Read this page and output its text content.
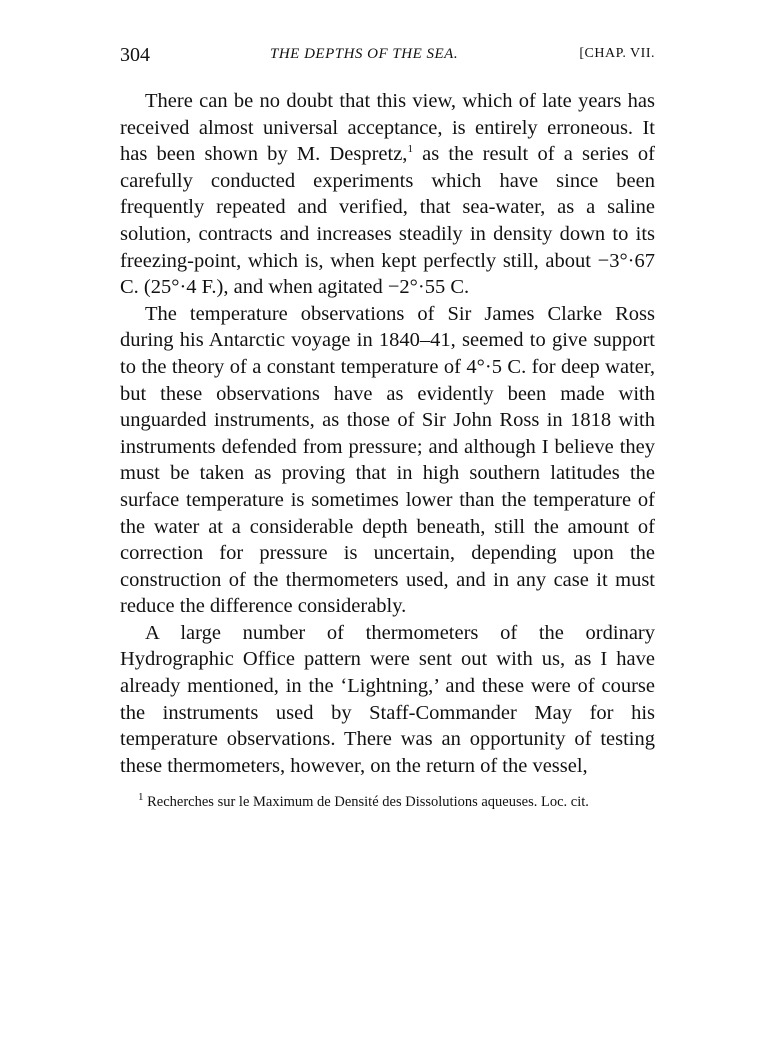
304	THE DEPTHS OF THE SEA.	[CHAP. VII.

There can be no doubt that this view, which of late years has received almost universal acceptance, is entirely erroneous. It has been shown by M. Despretz,$^1$ as the result of a series of carefully conducted experiments which have since been frequently repeated and verified, that sea-water, as a saline solution, contracts and increases steadily in density down to its freezing-point, which is, when kept perfectly still, about −3°·67 C. (25°·4 F.), and when agitated −2°·55 C.

The temperature observations of Sir James Clarke Ross during his Antarctic voyage in 1840–41, seemed to give support to the theory of a constant temperature of 4°·5 C. for deep water, but these observations have as evidently been made with unguarded instruments, as those of Sir John Ross in 1818 with instruments defended from pressure; and although I believe they must be taken as proving that in high southern latitudes the surface temperature is sometimes lower than the temperature of the water at a considerable depth beneath, still the amount of correction for pressure is uncertain, depending upon the construction of the thermometers used, and in any case it must reduce the difference considerably.

A large number of thermometers of the ordinary Hydrographic Office pattern were sent out with us, as I have already mentioned, in the ‘Lightning,’ and these were of course the instruments used by Staff-Commander May for his temperature observations. There was an opportunity of testing these thermometers, however, on the return of the vessel,

$^1$ Recherches sur le Maximum de Densité des Dissolutions aqueuses. Loc. cit.
